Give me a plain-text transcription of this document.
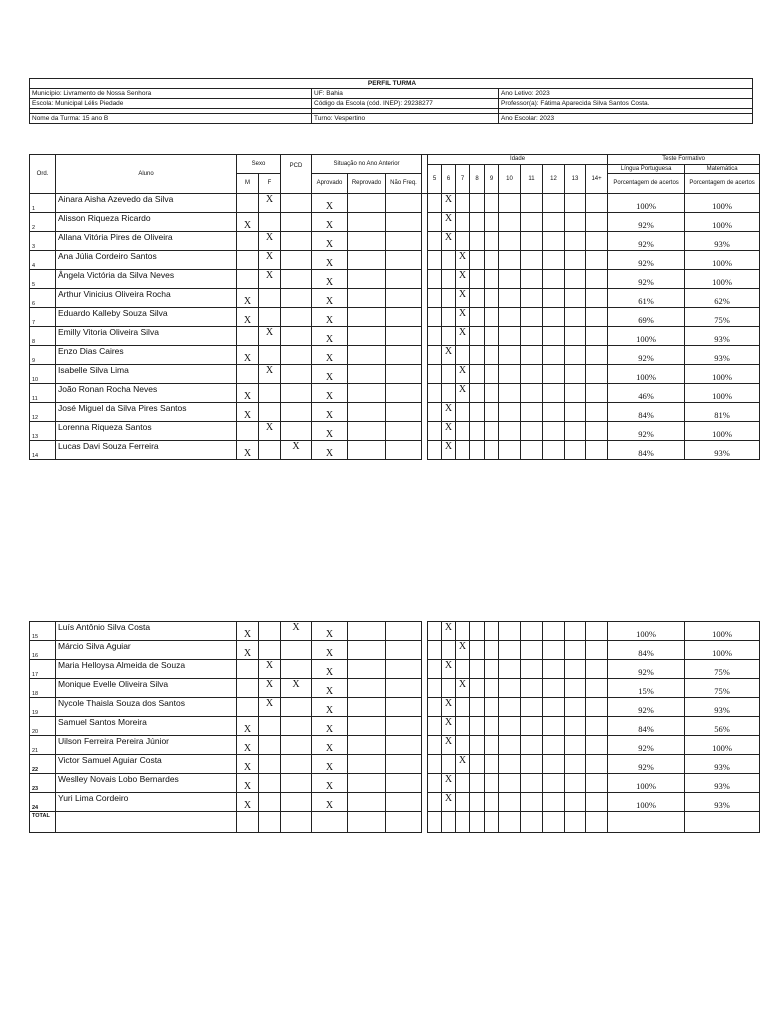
PERFIL TURMA		
Município: Livramento de Nossa Senhora	UF: Bahia	Ano Letivo: 2023
Escola: Municipal Lélis Piedade	Código da Escola (cód. INEP): 29238277	Professor(a): Fátima Aparecida Silva Santos Costa.

Nome da Turma: 15 ano B	Turno: Vespertino	Ano Escolar: 2023
Ord.	Aluno	Sexo		PCD	Situação no Ano Anterior				Idade										Teste Formativo	
									5	6	7	8	9	10	11	12	13	14+	Língua Portuguesa	Matemática
		M	F		Aprovado	Reprovado	Não Freq.												Porcentagem de acertos	Porcentagem de acertos
1	Ainara Aisha Azevedo da Silva		X		X					X									100%	100%
2	Alisson Riqueza Ricardo	X			X					X									92%	100%
3	Allana Vitória Pires de Oliveira		X		X					X									92%	93%
4	Ana Júlia Cordeiro Santos		X		X						X								92%	100%
5	Ângela Victória da Silva Neves		X		X						X								92%	100%
6	Arthur Vinicius Oliveira Rocha	X			X						X								61%	62%
7	Eduardo Kalleby Souza Silva	X			X						X								69%	75%
8	Emilly Vitoria Oliveira Silva		X		X						X								100%	93%
9	Enzo Dias Caires	X			X					X									92%	93%
10	Isabelle Silva Lima		X		X						X								100%	100%
11	João Ronan Rocha Neves	X			X						X								46%	100%
12	José Miguel da Silva Pires Santos	X			X					X									84%	81%
13	Lorenna Riqueza Santos		X		X					X									92%	100%
14	Lucas Davi Souza Ferreira	X		X	X					X									84%	93%
15	Luís Antônio Silva Costa	X		X	X					X									100%	100%
16	Márcio Silva Aguiar	X			X						X								84%	100%
17	Maria Helloysa Almeida de Souza		X		X					X									92%	75%
18	Monique Evelle Oliveira Silva		X	X	X						X								15%	75%
19	Nycole Thaisla Souza dos Santos		X		X					X									92%	93%
20	Samuel Santos Moreira	X			X					X									84%	56%
21	Uilson Ferreira Pereira Júnior	X			X					X									92%	100%
22	Victor Samuel Aguiar Costa	X			X						X								92%	93%
23	Weslley Novais Lobo Bernardes	X			X					X									100%	93%
24	Yuri Lima Cordeiro	X			X					X									100%	93%
TOTAL																				
